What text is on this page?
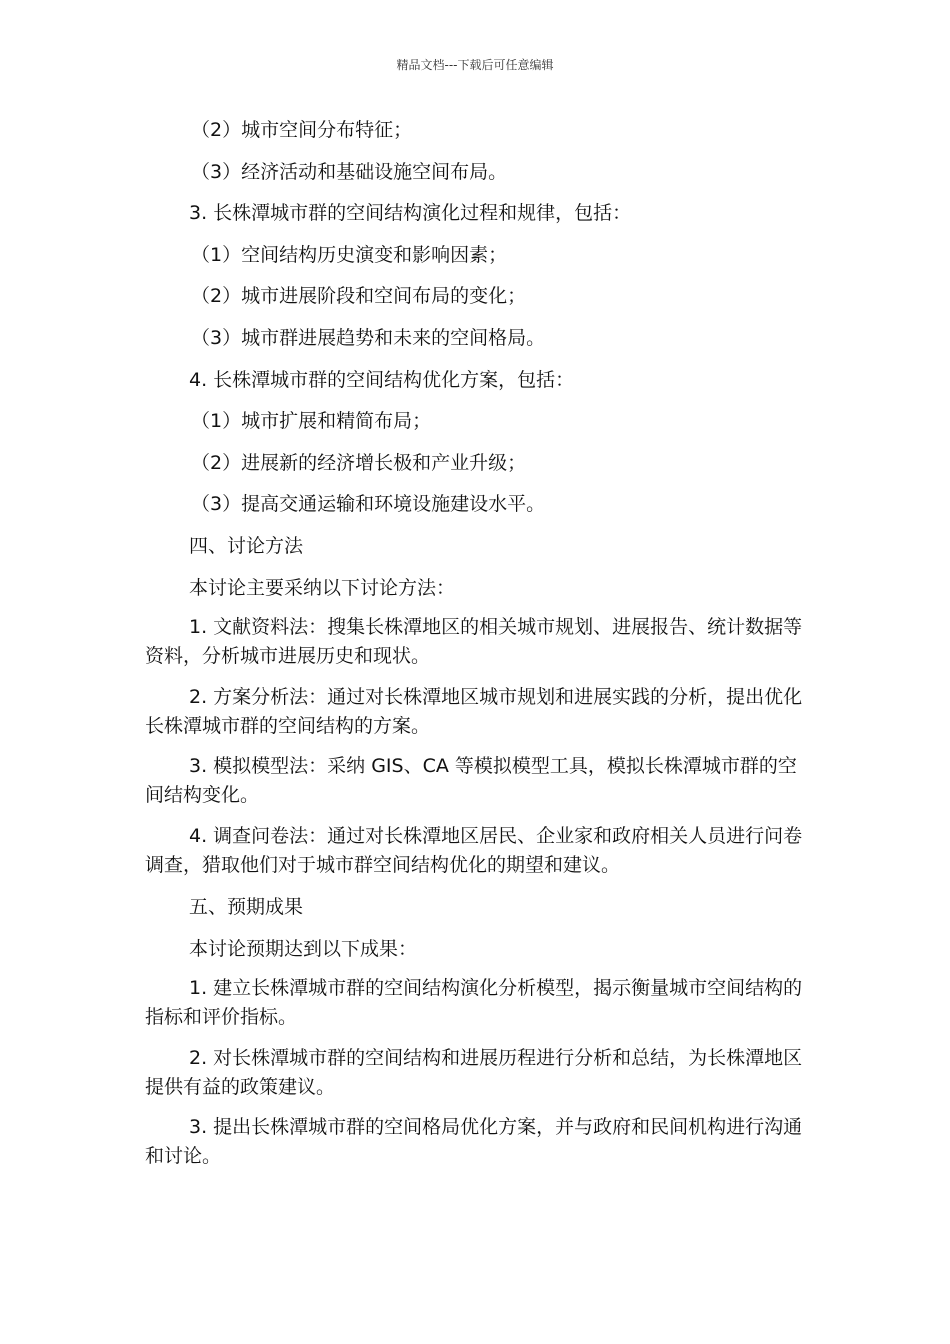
精品文档---下载后可任意编辑
（2）城市空间分布特征；
（3）经济活动和基础设施空间布局。
3. 长株潭城市群的空间结构演化过程和规律，包括：
（1）空间结构历史演变和影响因素；
（2）城市进展阶段和空间布局的变化；
（3）城市群进展趋势和未来的空间格局。
4. 长株潭城市群的空间结构优化方案，包括：
（1）城市扩展和精简布局；
（2）进展新的经济增长极和产业升级；
（3）提高交通运输和环境设施建设水平。
四、讨论方法
本讨论主要采纳以下讨论方法：
1. 文献资料法：搜集长株潭地区的相关城市规划、进展报告、统计数据等资料，分析城市进展历史和现状。
2. 方案分析法：通过对长株潭地区城市规划和进展实践的分析，提出优化长株潭城市群的空间结构的方案。
3. 模拟模型法：采纳 GIS、CA 等模拟模型工具，模拟长株潭城市群的空间结构变化。
4. 调查问卷法：通过对长株潭地区居民、企业家和政府相关人员进行问卷调查，猎取他们对于城市群空间结构优化的期望和建议。
五、预期成果
本讨论预期达到以下成果：
1. 建立长株潭城市群的空间结构演化分析模型，揭示衡量城市空间结构的指标和评价指标。
2. 对长株潭城市群的空间结构和进展历程进行分析和总结，为长株潭地区提供有益的政策建议。
3. 提出长株潭城市群的空间格局优化方案，并与政府和民间机构进行沟通和讨论。
